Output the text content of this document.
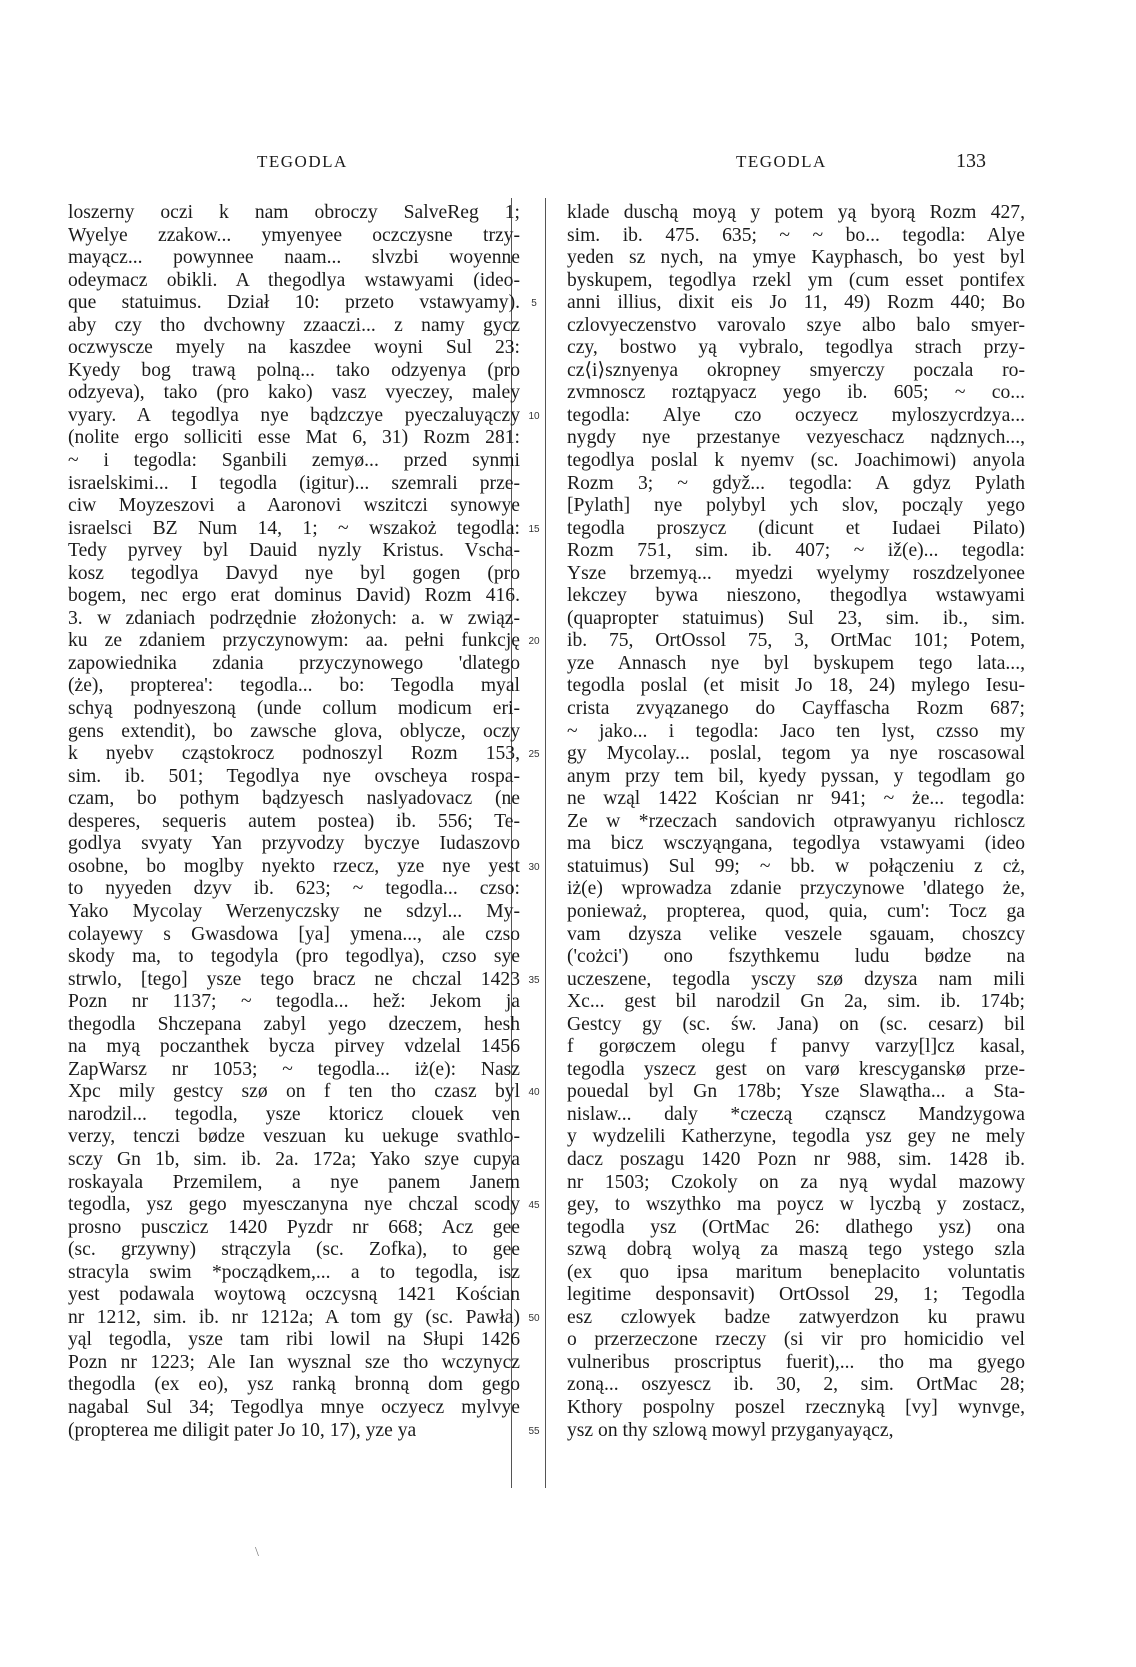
TEGODLA	TEGODLA	133
loszerny oczi k nam obroczy SalveReg 1;
Wyelye zzakow... ymyenyee oczczysne trzy-
mayącz... powynnee naam... slvzbi woyenne
odeymacz obikli. A thegodlya wstawyami (ideo-
que statuimus. Dział 10: przeto vstawyamy).
aby czy tho dvchowny zzaaczi... z namy gycz
oczwyscze myely na kaszdee woyni Sul 23:
Kyedy bog trawą polną... tako odzyenya (pro
odzyeva), tako (pro kako) vasz vyeczey, maley
vyary. A tegodlya nye bądzczye pyeczaluyączy
(nolite ergo solliciti esse Mat 6, 31) Rozm 281:
~ i tegodla: Sganbili zemyø... przed synmi
israelskimi... I tegodla (igitur)... szemrali prze-
ciw Moyzeszovi a Aaronovi wszitczi synowye
israelsci BZ Num 14, 1; ~ wszakoż tegodla:
Tedy pyrvey byl Dauid nyzly Kristus. Vscha-
kosz tegodlya Davyd nye byl gogen (pro
bogem, nec ergo erat dominus David) Rozm 416.
3. w zdaniach podrzędnie złożonych: a. w związ-
ku ze zdaniem przyczynowym: aa. pełni funkcję
zapowiednika zdania przyczynowego 'dlatego
(że), propterea': tegodla... bo: Tegodla myal
schyą podnyeszoną (unde collum modicum eri-
gens extendit), bo zawsche glova, oblycze, oczy
k nyebv cząstokrocz podnoszyl Rozm 153,
sim. ib. 501; Tegodlya nye ovscheya rospa-
czam, bo pothym bądzyesch naslyadovacz (ne
desperes, sequeris autem postea) ib. 556; Te-
godlya svyaty Yan przyvodzy byczye Iudaszovo
osobne, bo moglby nyekto rzecz, yze nye yest
to nyyeden dzyv ib. 623; ~ tegodla... czso:
Yako Mycolay Werzenyczsky ne sdzyl... My-
colayewy s Gwasdowa [ya] ymena..., ale czso
skody ma, to tegodyla (pro tegodlya), czso sye
strwlo, [tego] ysze tego bracz ne chczal 1423
Pozn nr 1137; ~ tegodla... hež: Jekom ja
thegodla Shczepana zabyl yego dzeczem, hesh
na myą poczanthek bycza pirvey vdzelal 1456
ZapWarsz nr 1053; ~ tegodla... iż(e): Nasz
Xpc mily gestcy szø on f ten tho czasz byl
narodzil... tegodla, ysze ktoricz clouek ven
verzy, tenczi bødze veszuan ku uekuge svathlo-
sczy Gn 1b, sim. ib. 2a. 172a; Yako szye cupya
roskayala Przemilem, a nye panem Janem
tegodla, ysz gego myesczanyna nye chczal scody
prosno pusczicz 1420 Pyzdr nr 668; Acz gee
(sc. grzywny) strączyla (sc. Zofka), to gee
stracyla swim *począdkem,... a to tegodla, isz
yest podawala woytową oczcysną 1421 Kościan
nr 1212, sim. ib. nr 1212a; A tom gy (sc. Pawła)
yąl tegodla, ysze tam ribi lowil na Słupi 1426
Pozn nr 1223; Ale Ian wysznal sze tho wczynycz
thegodla (ex eo), ysz ranką bronną dom gego
nagabal Sul 34; Tegodlya mnye oczyecz mylvye
(propterea me diligit pater Jo 10, 17), yze ya
5
10
15
20
25
30
35
40
45
50
55
klade duschą moyą y potem yą byorą Rozm 427,
sim. ib. 475. 635; ~ ~ bo... tegodla: Alye
yeden sz nych, na ymye Kayphasch, bo yest byl
byskupem, tegodlya rzekl ym (cum esset pontifex
anni illius, dixit eis Jo 11, 49) Rozm 440; Bo
czlovyeczenstvo varovalo szye albo balo smyer-
czy, bostwo yą vybralo, tegodlya strach przy-
cz⟨i⟩sznyenya okropney smyerczy poczala ro-
zvmnoscz roztąpyacz yego ib. 605; ~ co...
tegodla: Alye czo oczyecz myloszycrdzya...
nygdy nye przestanye vezyeschacz nądznych...,
tegodlya poslal k nyemv (sc. Joachimowi) anyola
Rozm 3; ~ gdyž... tegodla: A gdyz Pylath
[Pylath] nye polybyl ych slov, począly yego
tegodla proszycz (dicunt et Iudaei Pilato)
Rozm 751, sim. ib. 407; ~ iž(e)... tegodla:
Ysze brzemyą... myedzi wyelymy roszdzelyonee
lekczey bywa nieszono, thegodlya wstawyami
(quapropter statuimus) Sul 23, sim. ib., sim.
ib. 75, OrtOssol 75, 3, OrtMac 101; Potem,
yze Annasch nye byl byskupem tego lata...,
tegodla poslal (et misit Jo 18, 24) mylego Iesu-
crista zvyązanego do Cayffascha Rozm 687;
~ jako... i tegodla: Jaco ten lyst, czsso my
gy Mycolay... poslal, tegom ya nye roscasowal
anym przy tem bil, kyedy pyssan, y tegodlam go
ne wząl 1422 Kościan nr 941; ~ że... tegodla:
Ze w *rzeczach sandovich otprawyanyu richloscz
ma bicz wsczyąngana, tegodlya vstawyami (ideo
statuimus) Sul 99; ~ bb. w połączeniu z cż,
iż(e) wprowadza zdanie przyczynowe 'dlatego że,
ponieważ, propterea, quod, quia, cum': Tocz ga
vam dzysza velike veszele sgauam, choszcy
('cożci') ono fszythkemu ludu bødze na
uczeszene, tegodla ysczy szø dzysza nam mili
Xc... gest bil narodzil Gn 2a, sim. ib. 174b;
Gestcy gy (sc. św. Jana) on (sc. cesarz) bil
f gorøczem olegu f panvy varzy[l]cz kasal,
tegodla yszecz gest on varø krescyganskø prze-
pouedal byl Gn 178b; Ysze Slawątha... a Sta-
nislaw... daly *czeczą cząnscz Mandzygowa
y wydzelili Katherzyne, tegodla ysz gey ne mely
dacz poszagu 1420 Pozn nr 988, sim. 1428 ib.
nr 1503; Czokoly on za nyą wydal mazowy
gey, to wszythko ma poycz w lyczbą y zostacz,
tegodla ysz (OrtMac 26: dlathego ysz) ona
szwą dobrą wolyą za maszą tego ystego szla
(ex quo ipsa maritum beneplacito voluntatis
legitime desponsavit) OrtOssol 29, 1; Tegodla
esz czlowyek badze zatwyerdzon ku prawu
o przerzeczone rzeczy (si vir pro homicidio vel
vulneribus proscriptus fuerit),... tho ma gyego
zoną... oszyescz ib. 30, 2, sim. OrtMac 28;
Kthory pospolny poszel rzecznyką [vy] wynvge,
ysz on thy szlową mowyl przyganyayącz,
\
